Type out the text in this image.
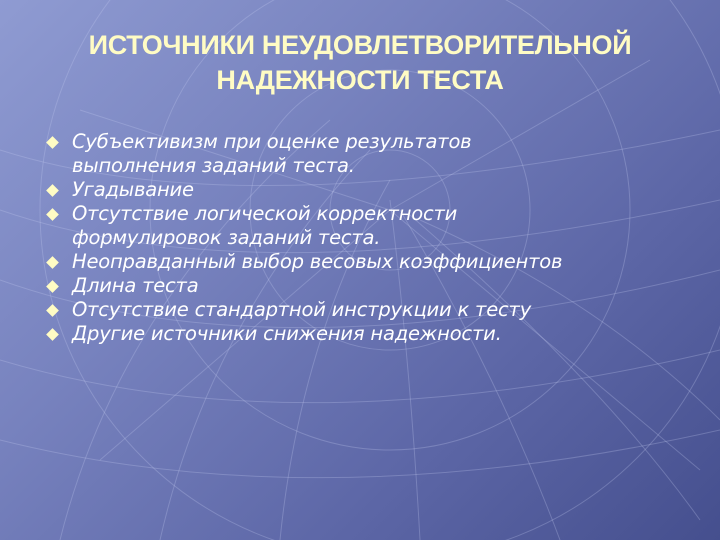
ИСТОЧНИКИ НЕУДОВЛЕТВОРИТЕЛЬНОЙ
НАДЕЖНОСТИ ТЕСТА
Субъективизм при оценке результатов
выполнения заданий теста.
Угадывание
Отсутствие логической корректности
формулировок заданий теста.
Неоправданный выбор весовых коэффициентов
Длина теста
Отсутствие стандартной инструкции к тесту
Другие источники снижения надежности.
